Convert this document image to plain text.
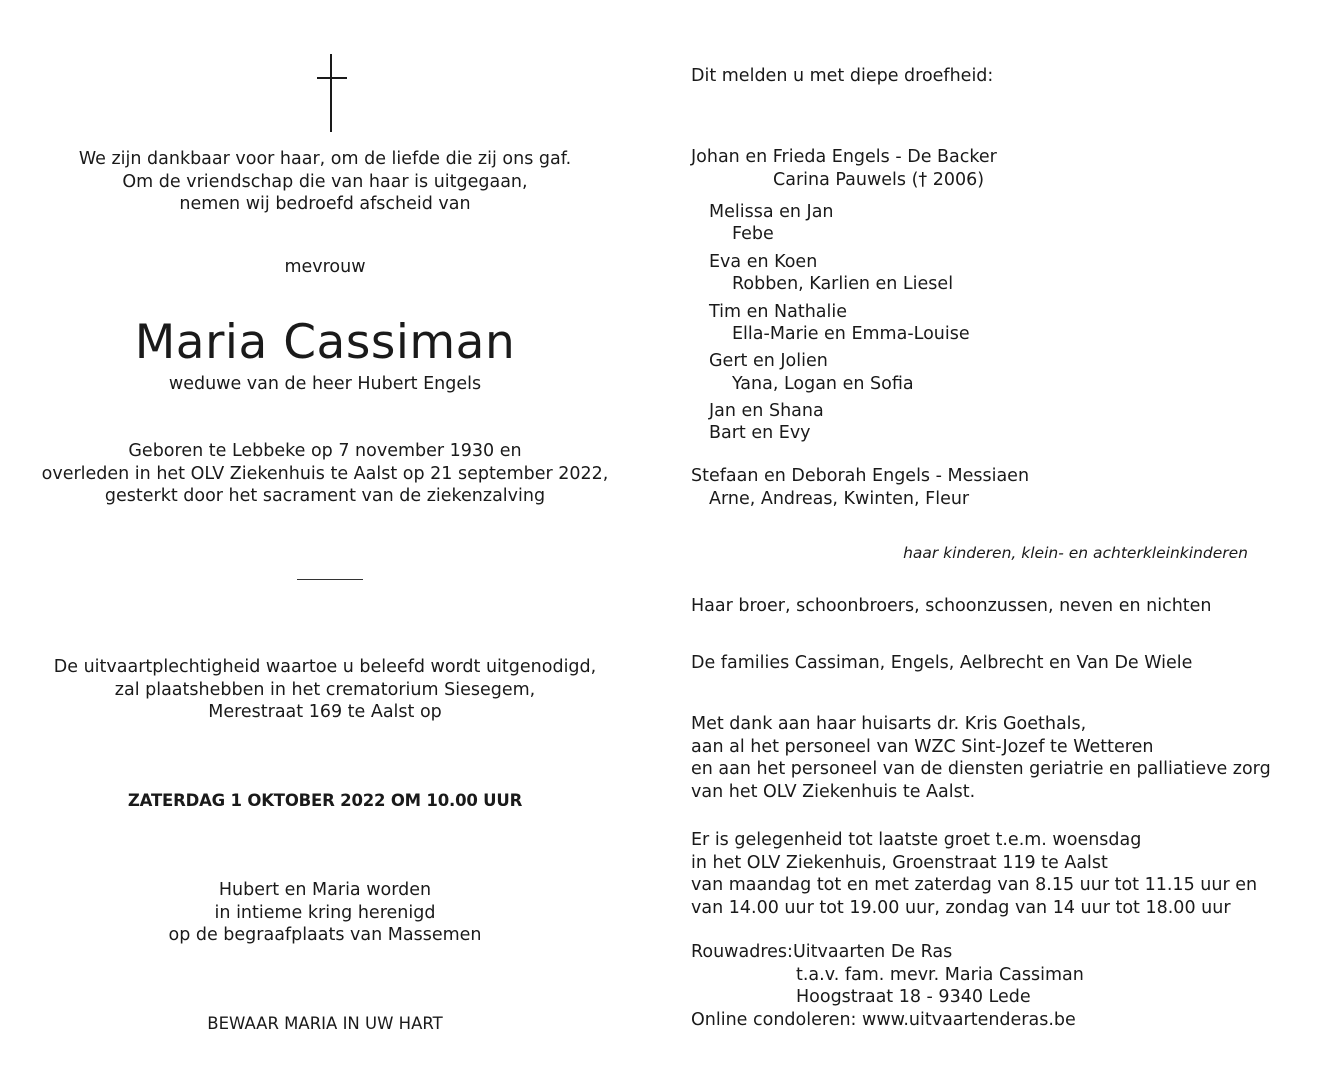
We zijn dankbaar voor haar, om de liefde die zij ons gaf.
Om de vriendschap die van haar is uitgegaan,
nemen wij bedroefd afscheid van
mevrouw
Maria Cassiman
weduwe van de heer Hubert Engels
Geboren te Lebbeke op 7 november 1930 en
overleden in het OLV Ziekenhuis te Aalst op 21 september 2022,
gesterkt door het sacrament van de ziekenzalving
De uitvaartplechtigheid waartoe u beleefd wordt uitgenodigd,
zal plaatshebben in het crematorium Siesegem,
Merestraat 169 te Aalst op
ZATERDAG 1 OKTOBER 2022 OM 10.00 UUR
Hubert en Maria worden
in intieme kring herenigd
op de begraafplaats van Massemen
BEWAAR MARIA IN UW HART
Dit melden u met diepe droefheid:
Johan en Frieda Engels - De Backer
Carina Pauwels († 2006)
Melissa en Jan
Febe
Eva en Koen
Robben, Karlien en Liesel
Tim en Nathalie
Ella-Marie en Emma-Louise
Gert en Jolien
Yana, Logan en Sofia
Jan en Shana
Bart en Evy
Stefaan en Deborah Engels - Messiaen
Arne, Andreas, Kwinten, Fleur
haar kinderen, klein- en achterkleinkinderen
Haar broer, schoonbroers, schoonzussen, neven en nichten
De families Cassiman, Engels, Aelbrecht en Van De Wiele
Met dank aan haar huisarts dr. Kris Goethals,
aan al het personeel van WZC Sint-Jozef te Wetteren
en aan het personeel van de diensten geriatrie en palliatieve zorg
van het OLV Ziekenhuis te Aalst.
Er is gelegenheid tot laatste groet t.e.m. woensdag
in het OLV Ziekenhuis, Groenstraat 119 te Aalst
van maandag tot en met zaterdag van 8.15 uur tot 11.15 uur en
van 14.00 uur tot 19.00 uur, zondag van 14 uur tot 18.00 uur
Rouwadres: Uitvaarten De Ras
t.a.v. fam. mevr. Maria Cassiman
Hoogstraat 18 - 9340 Lede
Online condoleren: www.uitvaartenderas.be
